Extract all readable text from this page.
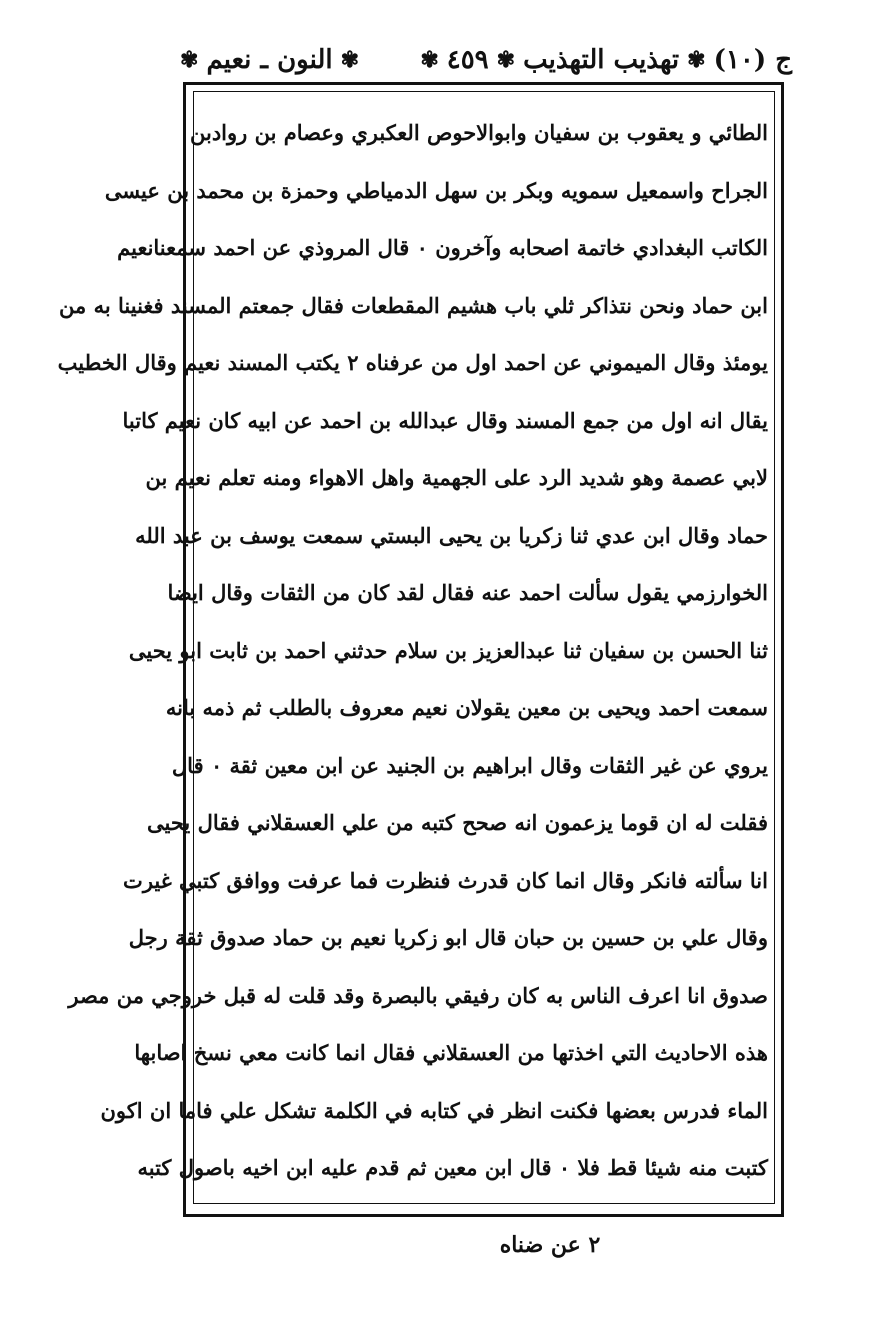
ج (١٠)
✾
تهذيب التهذيب
✾
٤٥٩
✾
✾
النون ـ نعيم
✾
الطائي و يعقوب بن سفيان وابوالاحوص العكبري وعصام بن روادبن
الجراح واسمعيل سمويه وبكر بن سهل الدمياطي وحمزة بن محمد بن عيسى
الكاتب البغدادي خاتمة اصحابه وآخرون ٠ قال المروذي عن احمد سمعنانعيم
ابن حماد ونحن نتذاكر ثلي باب هشيم المقطعات فقال جمعتم المسند فغنينا به من
يومئذ وقال الميموني عن احمد اول من عرفناه ٢ يكتب المسند نعيم وقال الخطيب
يقال انه اول من جمع المسند وقال عبدالله بن احمد عن ابيه كان نعيم كاتبا
لابي عصمة وهو شديد الرد على الجهمية واهل الاهواء ومنه تعلم نعيم بن
حماد وقال ابن عدي ثنا زكريا بن يحيى البستي سمعت يوسف بن عبد الله
الخوارزمي يقول سألت احمد عنه فقال لقد كان من الثقات وقال ايضا
ثنا الحسن بن سفيان ثنا عبدالعزيز بن سلام حدثني احمد بن ثابت ابو يحيى
سمعت احمد ويحيى بن معين يقولان نعيم معروف بالطلب ثم ذمه بانه
يروي عن غير الثقات وقال ابراهيم بن الجنيد عن ابن معين ثقة ٠ قال
فقلت له ان قوما يزعمون انه صحح كتبه من علي العسقلاني فقال يحيى
انا سألته فانكر وقال انما كان قدرث فنظرت فما عرفت ووافق كتبي غيرت
وقال علي بن حسين بن حبان قال ابو زكريا نعيم بن حماد صدوق ثقة رجل
صدوق انا اعرف الناس به كان رفيقي بالبصرة وقد قلت له قبل خروجي من مصر
هذه الاحاديث التي اخذتها من العسقلاني فقال انما كانت معي نسخ اصابها
الماء فدرس بعضها فكنت انظر في كتابه في الكلمة تشكل علي فاما ان اكون
كتبت منه شيئا قط فلا ٠ قال ابن معين ثم قدم عليه ابن اخيه باصول كتبه
٢ عن ضناه
